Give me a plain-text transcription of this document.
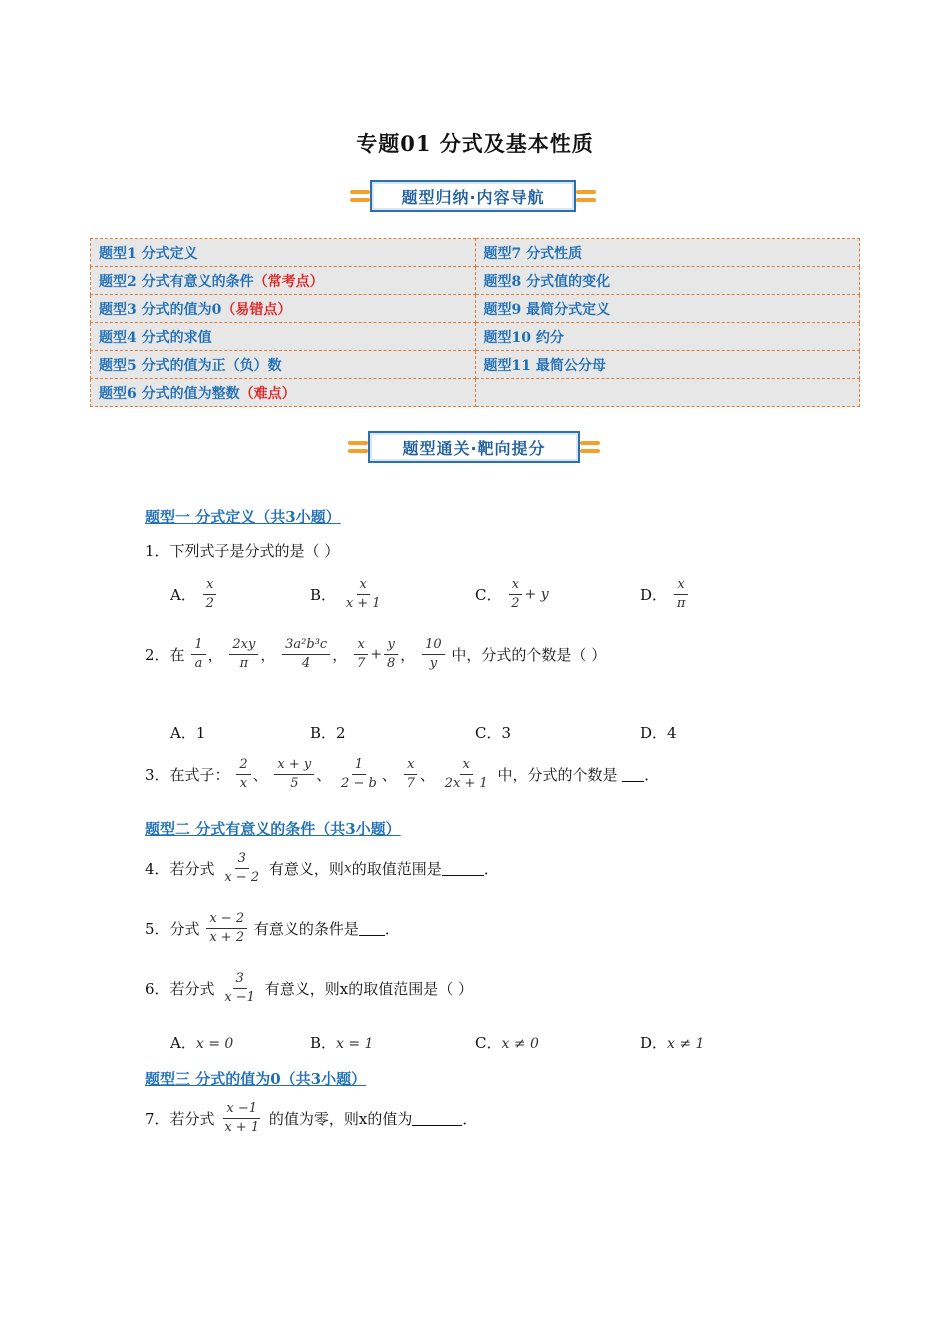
专题01 分式及基本性质
题型归纳·内容导航
题型1 分式定义	题型7 分式性质
题型2 分式有意义的条件（常考点）	题型8 分式值的变化
题型3 分式的值为0（易错点）	题型9 最简分式定义
题型4 分式的求值	题型10 约分
题型5 分式的值为正（负）数	题型11 最简公分母
题型6 分式的值为整数（难点）	
题型通关·靶向提分
题型一 分式定义（共3小题）
1．下列式子是分式的是（ ）
A． $\frac{x}{2}$	B． $\frac{x}{x + 1}$	C． $\frac{x}{2} + y$	D． $\frac{x}{\pi}$
2．在 $\frac{1}{a}$ ， $\frac{2xy}{\pi}$ ， $\frac{\text{3a²b³c}}{4}$ ， $\frac{x}{7} + \frac{y}{8}$ ， $\frac{10}{y}$ 中，分式的个数是（ ）
A．1	B．2	C．3	D．4
3．在式子： $\frac{2}{x}$ 、 $\frac{x + y}{5}$ 、 $\frac{1}{2 - b}$ 、 $\frac{x}{7}$ 、 $\frac{x}{2x + 1}$ 中，分式的个数是 ．
题型二 分式有意义的条件（共3小题）
4．若分式 $\frac{3}{x - 2}$ 有意义，则x的取值范围是	．
5．分式 $\frac{x - 2}{x + 2}$ 有意义的条件是 ．
6．若分式 $\frac{3}{x -1}$ 有意义，则x的取值范围是（ ）
A．x = 0	B．x = 1	C．x ≠ 0	D．x ≠ 1
题型三 分式的值为0（共3小题）
7．若分式 $\frac{x -1}{x + 1}$ 的值为零，则x的值为	．
